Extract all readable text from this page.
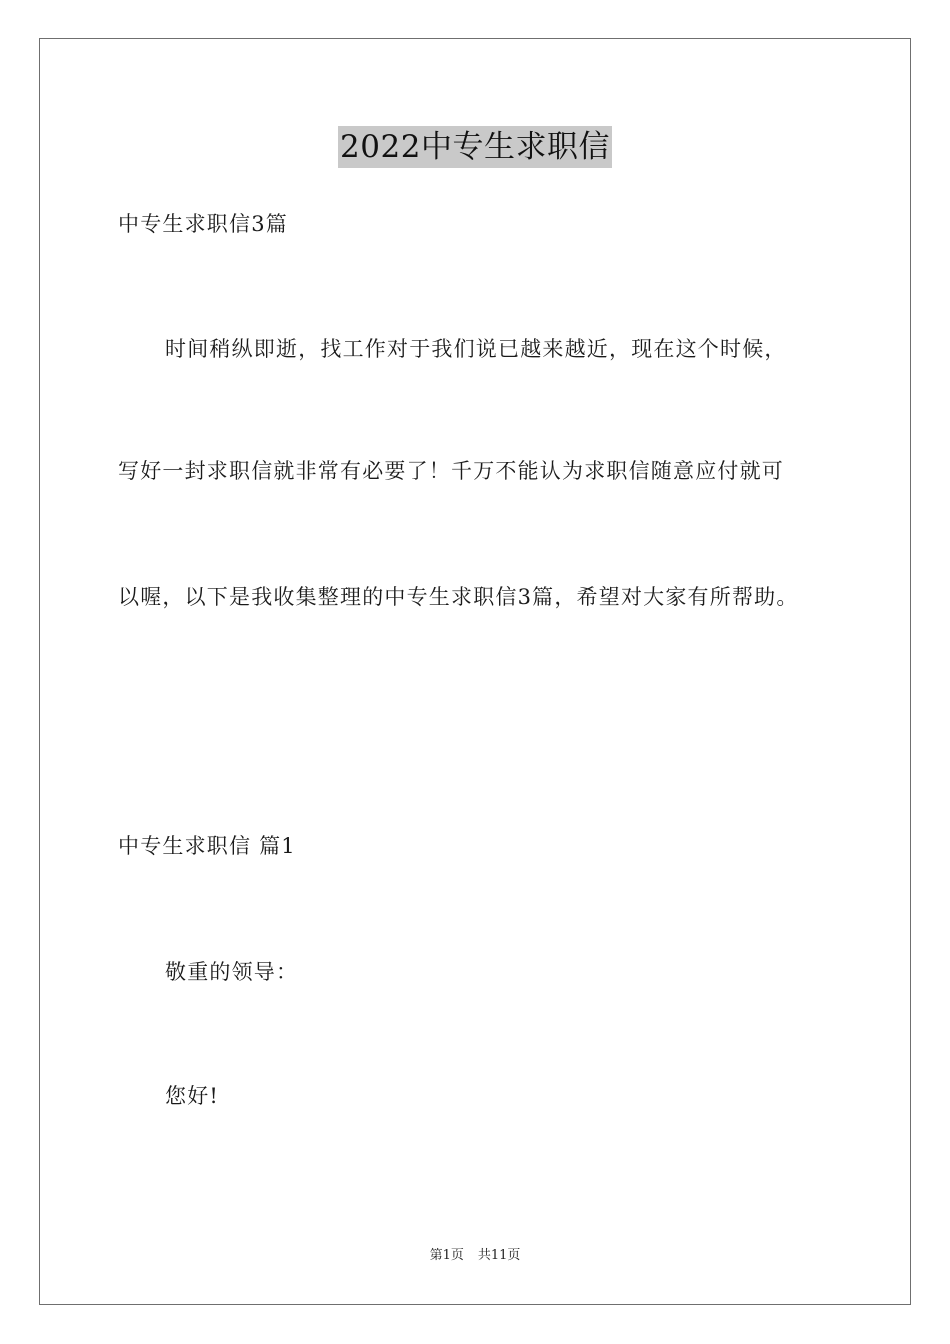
2022中专生求职信
中专生求职信3篇
时间稍纵即逝，找工作对于我们说已越来越近，现在这个时候，
写好一封求职信就非常有必要了！千万不能认为求职信随意应付就可
以喔，以下是我收集整理的中专生求职信3篇，希望对大家有所帮助。
中专生求职信 篇1
敬重的领导：
您好!
第1页 共11页
